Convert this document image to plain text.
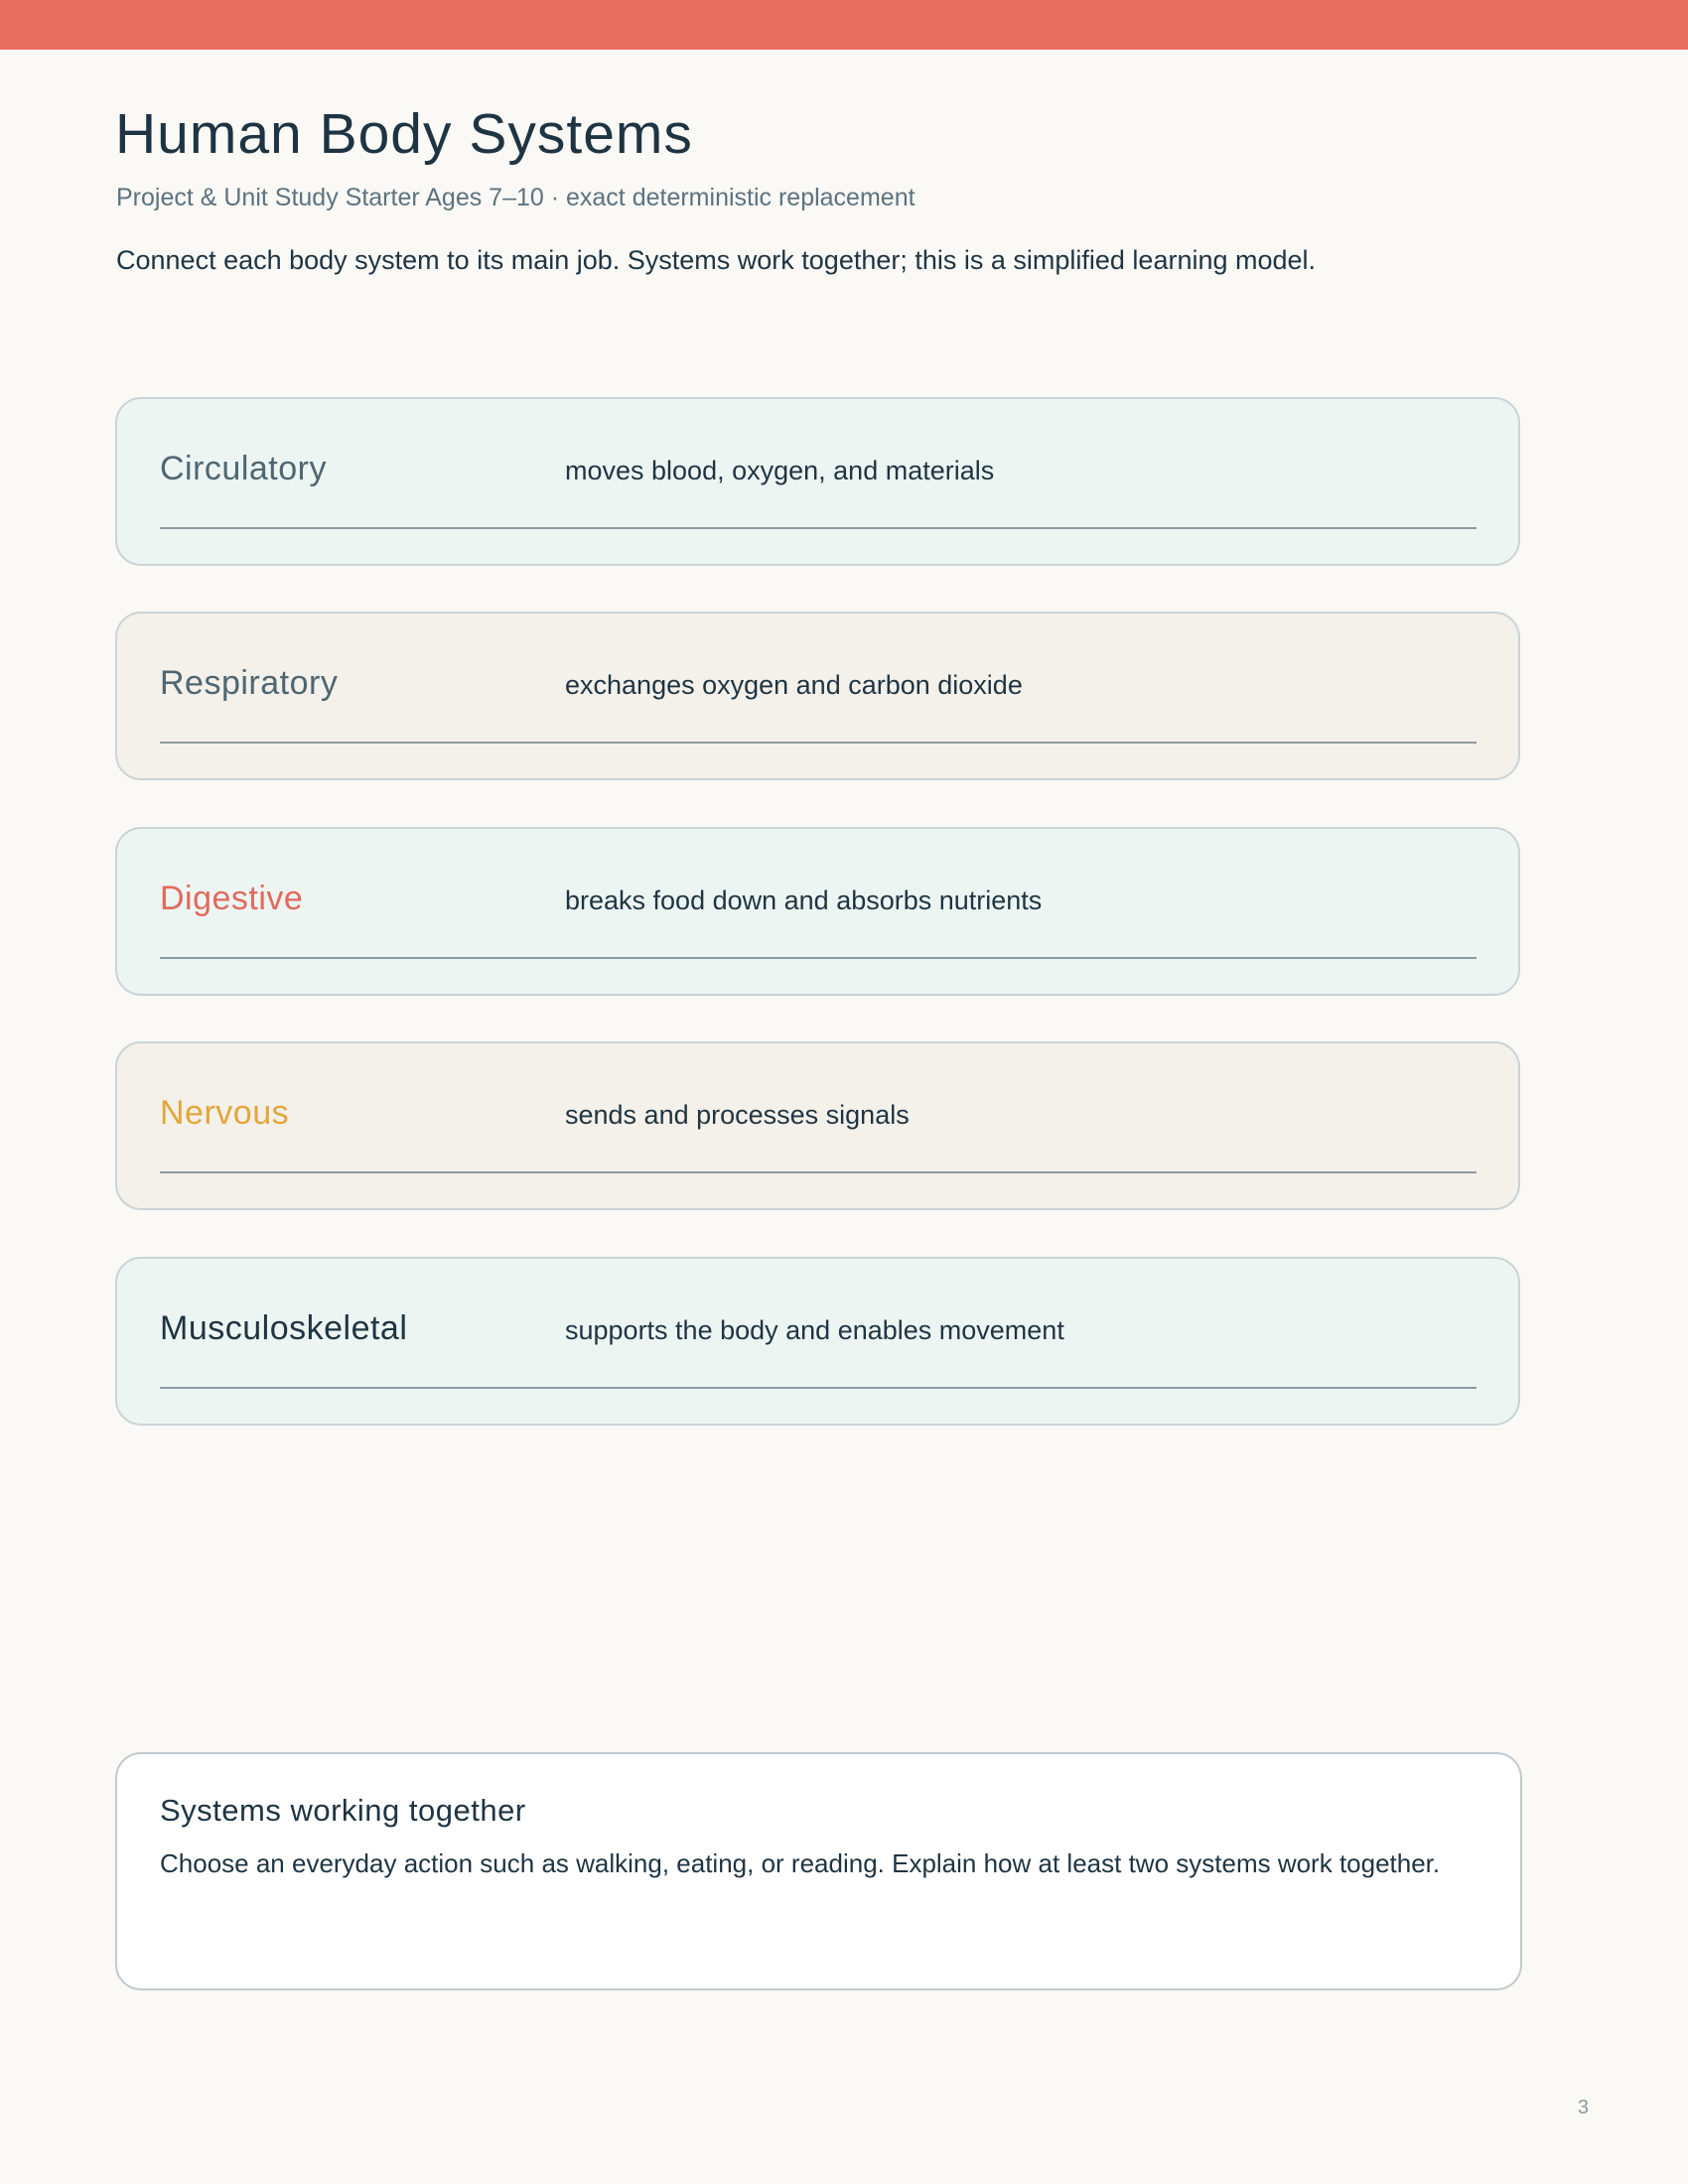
Human Body Systems
Project & Unit Study Starter Ages 7–10 · exact deterministic replacement
Connect each body system to its main job. Systems work together; this is a simplified learning model.
Circulatory	moves blood, oxygen, and materials
Respiratory	exchanges oxygen and carbon dioxide
Digestive	breaks food down and absorbs nutrients
Nervous	sends and processes signals
Musculoskeletal	supports the body and enables movement
Systems working together
Choose an everyday action such as walking, eating, or reading. Explain how at least two systems work together.
3
